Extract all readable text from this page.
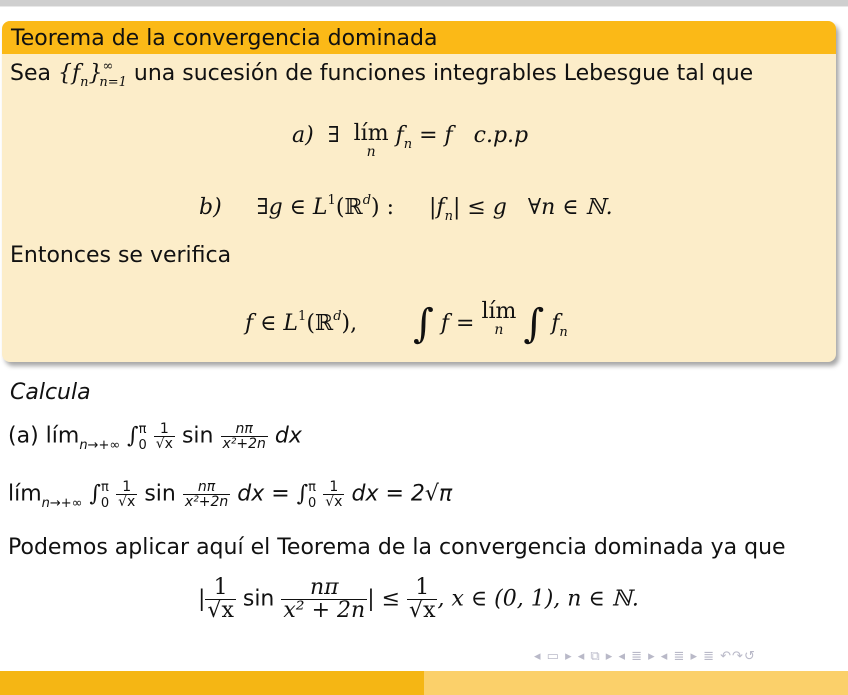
Teorema de la convergencia dominada
Sea $\{f_n\}^\infty_{n=1}$ una sucesión de funciones integrables Lebesgue tal que
a) ∃ lím
n
$f_n = f$ c.p.p
b) ∃g ∈ $L^1(ℝ^d)$ : $|f_n| \le g$ ∀n ∈ ℕ.
Entonces se verifica
f ∈ $L^1(ℝ^d)$, ∫ f = lím
n ∫ $f_n$
Calcula
(a) lím$_{n\to+\infty}$ $\int^\pi_0 \frac{1}{√x}$ $\sin \frac{n\pi}{\text{x²+2n}}$ dx
lím$_{n\to+\infty}$ $\int^\pi_0 \frac{1}{√x}$ $\sin \frac{n\pi}{\text{x²+2n}}$ dx = $\int^\pi_0 \frac{1}{√x}$ dx = 2√π
Podemos aplicar aquí el Teorema de la convergencia dominada ya que
| $\frac{1}{√x}$ $\sin \frac{n\pi}{\text{x² + 2n}}$ | ≤ $\frac{1}{√x}$ , x ∈ (0, 1), n ∈ ℕ.
◂ ▭ ▸ ◂ ⧉ ▸ ◂ ≣ ▸ ◂ ≣ ▸ ≣ ↶↷↺
